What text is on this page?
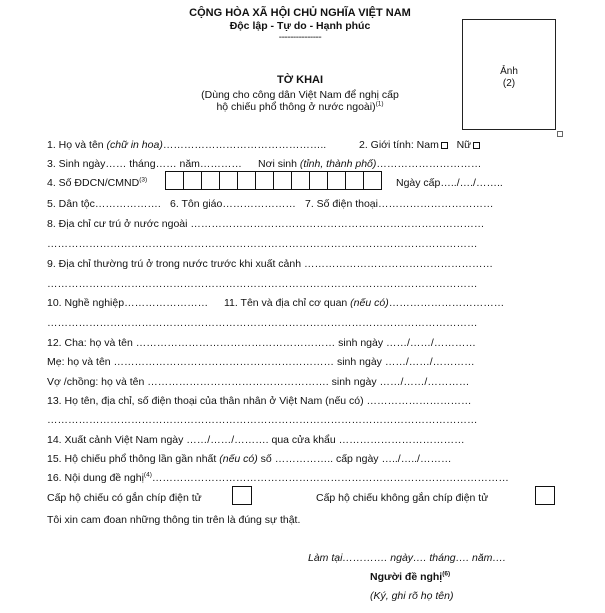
CỘNG HÒA XÃ HỘI CHỦ NGHĨA VIỆT NAM
Độc lập - Tự do - Hạnh phúc
---------------
Ảnh
(2)
TỜ KHAI
(Dùng cho công dân Việt Nam để nghị cấp
hộ chiếu phổ thông ở nước ngoài)$^{(1)}$
1. Họ và tên (chữ in hoa)………………………………………..	2. Giới tính: Nam Nữ
3. Sinh ngày…… tháng…… năm………… Nơi sinh (tỉnh, thành phố)…………………………
4. Số ĐDCN/CMND$^{(3)}$	Ngày cấp…../…./……..
5. Dân tộc………………. 6. Tôn giáo………………… 7. Số điện thoại……………………………
8. Địa chỉ cư trú ở nước ngoài …………………………………………………………………………
……………………………………………………………………………………………………………
9. Địa chỉ thường trú ở trong nước trước khi xuất cảnh ………………………………………………
……………………………………………………………………………………………………………
10. Nghề nghiệp…………………… 11. Tên và địa chỉ cơ quan (nếu có)……………………………
……………………………………………………………………………………………………………
12. Cha: họ và tên ………………………………………………… sinh ngày ……/……/…………
Mẹ: họ và tên ……………………………………………………… sinh ngày ……/……/…………
Vợ /chồng: họ và tên ……………………………………………. sinh ngày ……/……/…………
13. Họ tên, địa chỉ, số điện thoại của thân nhân ở Việt Nam (nếu có) …………………………
……………………………………………………………………………………………………………
14. Xuất cảnh Việt Nam ngày ……/……/………. qua cửa khẩu ………………………………
15. Hộ chiếu phổ thông lần gần nhất (nếu có) số …………….. cấp ngày …../…../………
16. Nội dung đề nghị$^{(4)}$…………………………………………………………………………………………
Cấp hộ chiếu có gắn chíp điện tử	Cấp hộ chiếu không gắn chíp điện tử
Tôi xin cam đoan những thông tin trên là đúng sự thật.
Làm tại…………. ngày…. tháng…. năm….
Người đề nghị$^{(6)}$
(Ký, ghi rõ họ tên)
